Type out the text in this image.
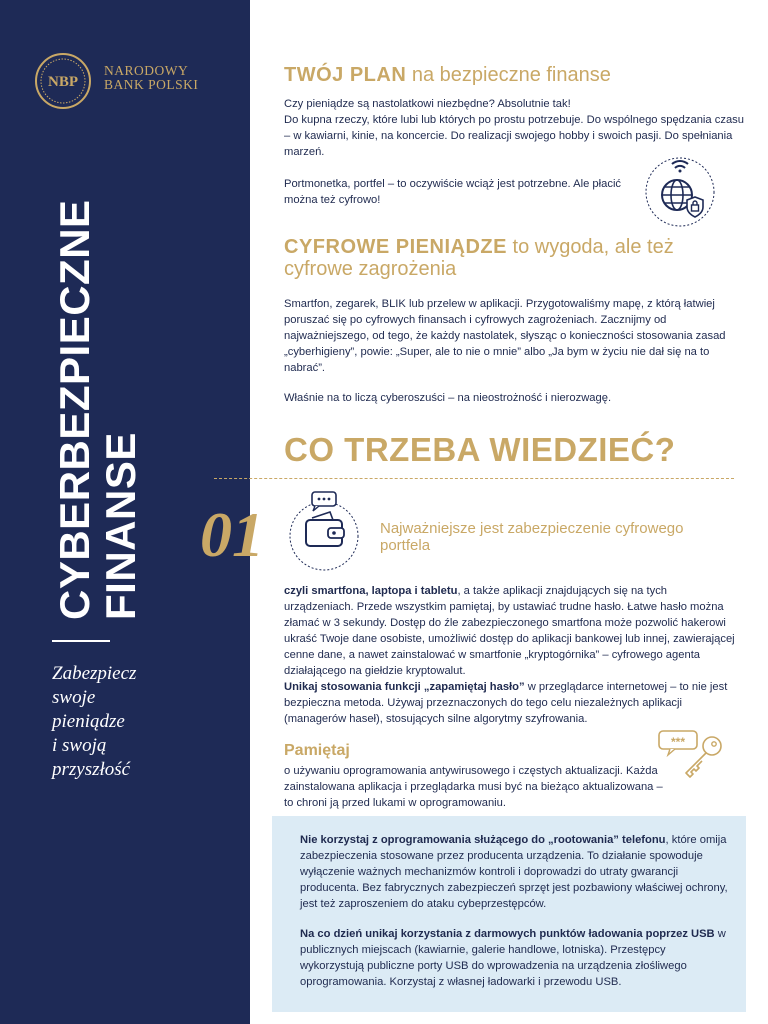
NBP
NARODOWY
BANK POLSKI
CYBERBEZPIECZNE FINANSE
Zabezpiecz
swoje
pieniądze
i swoją
przyszłość
TWÓJ PLAN na bezpieczne finanse
Czy pieniądze są nastolatkowi niezbędne? Absolutnie tak!
Do kupna rzeczy, które lubi lub których po prostu potrzebuje. Do wspólnego spędzania czasu – w kawiarni, kinie, na koncercie. Do realizacji swojego hobby i swoich pasji. Do spełniania marzeń.
Portmonetka, portfel – to oczywiście wciąż jest potrzebne. Ale płacić można też cyfrowo!
CYFROWE PIENIĄDZE to wygoda, ale też cyfrowe zagrożenia
Smartfon, zegarek, BLIK lub przelew w aplikacji. Przygotowaliśmy mapę, z którą łatwiej poruszać się po cyfrowych finansach i cyfrowych zagrożeniach. Zacznijmy od najważniejszego, od tego, że każdy nastolatek, słysząc o konieczności stosowania zasad „cyberhigieny”, powie: „Super, ale to nie o mnie” albo „Ja bym w życiu nie dał się na to nabrać”.
Właśnie na to liczą cyberoszuści – na nieostrożność i nierozwagę.
CO TRZEBA WIEDZIEĆ?
01	Najważniejsze jest zabezpieczenie cyfrowego portfela
czyli smartfona, laptopa i tabletu, a także aplikacji znajdujących się na tych urządzeniach. Przede wszystkim pamiętaj, by ustawiać trudne hasło. Łatwe hasło można złamać w 3 sekundy. Dostęp do źle zabezpieczonego smartfona może pozwolić hakerowi ukraść Twoje dane osobiste, umożliwić dostęp do aplikacji bankowej lub innej, zawierającej cenne dane, a nawet zainstalować w smartfonie „kryptogórnika” – cyfrowego agenta działającego na giełdzie kryptowalut.
Unikaj stosowania funkcji „zapamiętaj hasło” w przeglądarce internetowej – to nie jest bezpieczna metoda. Używaj przeznaczonych do tego celu niezależnych aplikacji (managerów haseł), stosujących silne algorytmy szyfrowania.
Pamiętaj
o używaniu oprogramowania antywirusowego i częstych aktualizacji. Każda zainstalowana aplikacja i przeglądarka musi być na bieżąco aktualizowana – to chroni ją przed lukami w oprogramowaniu.
***
Nie korzystaj z oprogramowania służącego do „rootowania” telefonu, które omija zabezpieczenia stosowane przez producenta urządzenia. To działanie spowoduje wyłączenie ważnych mechanizmów kontroli i doprowadzi do utraty gwarancji producenta. Bez fabrycznych zabezpieczeń sprzęt jest pozbawiony właściwej ochrony, jest też zaproszeniem do ataku cybeprzestępców.
Na co dzień unikaj korzystania z darmowych punktów ładowania poprzez USB w publicznych miejscach (kawiarnie, galerie handlowe, lotniska). Przestępcy wykorzystują publiczne porty USB do wprowadzenia na urządzenia złośliwego oprogramowania. Korzystaj z własnej ładowarki i przewodu USB.
